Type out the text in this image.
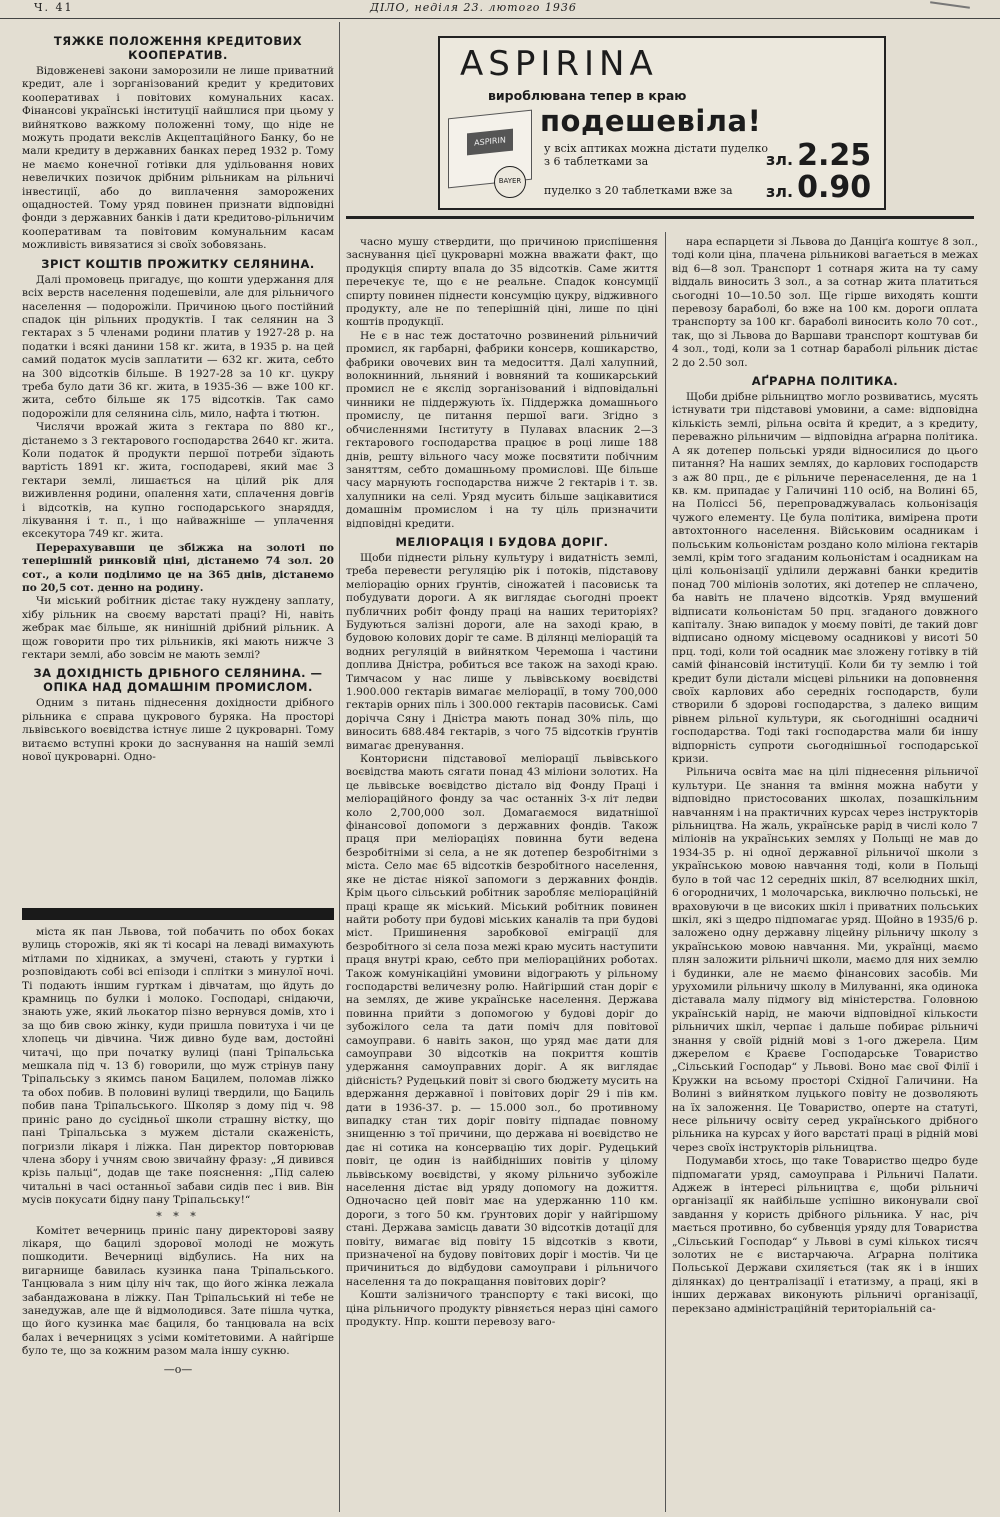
Ч. 41	ДІЛО, неділя 23. лютого 1936
ASPIRINA
вироблювана тепер в краю
подешевіла!
ASPIRIN
BAYER
у всіх аптиках можна дістати пуделко з 6 таблетками за	зл. 2.25
пуделко з 20 таблетками вже за	зл. 0.90
ТЯЖКЕ ПОЛОЖЕННЯ КРЕДИТОВИХ КООПЕРАТИВ.

Відовженеві закони заморозили не лише приватний кредит, але і зорганізований кредит у кредитових кооперативах і повітових комунальних касах. Фінансові українські інституції найшлися при цьому у вийнятково важкому положенні тому, що ніде не можуть продати векслів Акцептаційного Банку, бо не мали кредиту в державних банках перед 1932 р. Тому не маємо конечної готівки для удільовання нових невеличких позичок дрібним рільникам на рільничі інвестиції, або до виплачення заморожених ощадностей. Тому уряд повинен признати відповідні фонди з державних банків і дати кредитово-рільничим кооперативам та повітовим комунальним касам можливість вивязатися зі своїх зобовязань.

ЗРІСТ КОШТІВ ПРОЖИТКУ СЕЛЯНИНА.

Далі промовець пригадує, що кошти удержання для всіх верств населення подешевіли, але для рільничого населення — подорожіли. Причиною цього постійний спадок цін рільних продуктів. І так селянин на 3 гектарах з 5 членами родини платив у 1927-28 р. на податки і всякі данини 158 кг. жита, в 1935 р. на цей самий податок мусів заплатити — 632 кг. жита, себто на 300 відсотків більше. В 1927-28 за 10 кг. цукру треба було дати 36 кг. жита, в 1935-36 — вже 100 кг. жита, себто більше як 175 відсотків. Так само подорожіли для селянина сіль, мило, нафта і тютюн.

Числячи врожай жита з гектара по 880 кг., дістанемо з 3 гектарового господарства 2640 кг. жита. Коли податок й продукти першої потреби зїдають вартість 1891 кг. жита, господареві, який має 3 гектари землі, лишається на цілий рік для виживлення родини, опалення хати, сплачення довгів і відсотків, на купно господарського знаряддя, лікування і т. п., і що найважніше — уплачення ексекутора 749 кг. жита.

Перерахувавши це збіжжа на золоті по теперішній ринковій ціні, дістанемо 74 зол. 20 сот., а коли поділимо це на 365 днів, дістанемо по 20,5 сот. денно на родину.

Чи міський робітник дістає таку нуждену заплату, хібу рільник на своєму варстаті праці? Ні, навіть жебрак має більше, як нинішній дрібний рільник. А щож говорити про тих рільників, які мають нижче 3 гектари землі, або зовсім не мають землі?

ЗА ДОХІДНІСТЬ ДРІБНОГО СЕЛЯНИНА. — ОПІКА НАД ДОМАШНІМ ПРОМИСЛОМ.

Одним з питань піднесення дохідности дрібного рільника є справа цукрового буряка. На просторі львівського воєвідства істнує лише 2 цукроварні. Тому витаємо вступні кроки до заснування на нашій землі нової цукроварні. Одно-

міста як пан Львова, той побачить по обох боках вулиць сторожів, які як ті косарі на леваді вимахують мітлами по хідниках, а змучені, стають у гуртки і розповідають собі всі епізоди і сплітки з минулої ночі. Ті подають іншим гурткам і дівчатам, що йдуть до крамниць по булки і молоко. Господарі, снідаючи, знають уже, який льокатор пізно вернувся домів, хто і за що бив свою жінку, куди пришла повитуха і чи це хлопець чи дівчина. Чиж дивно буде вам, достойні читачі, що при початку вулиці (пані Тріпальська мешкала під ч. 13 б) говорили, що муж стрінув пану Тріпальську з якимсь паном Бацилем, поломав ліжко та обох побив. В половині вулиці твердили, що Бациль побив пана Тріпальського. Школяр з дому під ч. 98 приніс рано до сусідньої школи страшну вістку, що пані Тріпальська з мужем дістали скаженість, погризли лікаря і ліжка. Пан директор повторював члена збору і учням свою звичайну фразу: „Я дивився крізь пальці“, додав ще таке пояснення: „Під салею читальні в часі останньої забави сидів пес і вив. Він мусів покусати бідну пану Тріпальську!“

* * *

Комітет вечерниць приніс пану директорові заяву лікаря, що бацилі здорової молоді не можуть пошкодити. Вечерниці відбулись. На них на вигарнище бавилась кузинка пана Тріпальського. Танцювала з ним цілу ніч так, що його жінка лежала забандажована в ліжку. Пан Тріпальський ні тебе не занедужав, але ще й відмолодився. Зате пішла чутка, що його кузинка має бациля, бо танцювала на всіх балах і вечерницях з усіми комітетовими. А найгірше було те, що за кожним разом мала іншу сукню.

—o—

часно мушу ствердити, що причиною приспішення заснування цієї цукроварні можна вважати факт, що продукція спирту впала до 35 відсотків. Саме життя перечекує те, що є не реальне. Спадок консумції спирту повинен піднести консумцію цукру, відживного продукту, але не по теперішній ціні, лише по ціні коштів продукції.

Не є в нас теж достаточно розвинений рільничий промисл, як гарбарні, фабрики консерв, кошикарство, фабрики овочевих вин та медосиття. Далі халупний, волокнинний, льняний і вовняний та кошикарський промисл не є якслід зорганізований і відповідальні чинники не піддержують їх. Піддержка домашнього промислу, це питання першої ваги. Згідно з обчисленнями Інституту в Пулавах власник 2—3 гектарового господарства працює в році лише 188 днів, решту вільного часу може посвятити побічним заняттям, себто домашньому промислові. Ще більше часу марнують господарства нижче 2 гектарів і т. зв. халупники на селі. Уряд мусить більше зацікавитися домашнім промислом і на ту ціль призначити відповідні кредити.

МЕЛІОРАЦІЯ І БУДОВА ДОРІГ.

Щоби піднести рільну культуру і видатність землі, треба перевести регуляцію рік і потоків, підставову меліорацію орних ґрунтів, сіножатей і пасовиськ та побудувати дороги. А як виглядає сьогодні проект публичних робіт фонду праці на наших територіях? Будуються залізні дороги, але на заході краю, в будовою колових доріг те саме. В ділянці меліорацій та водних регуляцій в вийнятком Черемоша і частини доплива Дністра, робиться все також на заході краю. Тимчасом у нас лише у львівському воєвідстві 1.900.000 гектарів вимагає меліорації, в тому 700,000 гектарів орних піль і 300.000 гектарів пасовиськ. Самі дорічча Сяну і Дністра мають понад 30% піль, що виносить 688.484 гектарів, з чого 75 відсотків ґрунтів вимагає дренування.

Конторисни підставової меліорації львівського воєвідства мають сягати понад 43 міліони золотих. На це львівське воєвідство дістало від Фонду Праці і меліораційного фонду за час останніх 3-х літ ледви коло 2,700,000 зол. Домагаємося видатнішої фінансової допомоги з державних фондів. Також праця при меліораціях повинна бути ведена безробітніми зі села, а не як дотепер безробітніми з міста. Село має 65 відсотків безробітного населення, яке не дістає ніякої запомоги з державних фондів. Крім цього сільський робітник заробляє меліораційній праці краще як міський. Міський робітник повинен найти роботу при будові міських каналів та при будові міст. Пришинення заробкової еміграції для безробітного зі села поза межі краю мусить наступити праця внутрі краю, себто при меліораційних роботах. Також комунікаційні умовини відограють у рільному господарстві величезну ролю. Найгірший стан доріг є на землях, де живе українське населення. Держава повинна прийти з допомогою у будові доріг до зубожілого села та дати поміч для повітової самоуправи. 6 навіть закон, що уряд має дати для самоуправи 30 відсотків на покриття коштів удержання самоуправних доріг. А як виглядає дійсність? Рудецький повіт зі свого бюджету мусить на вдержання державної і повітових доріг 29 і пів км. дати в 1936-37. р. — 15.000 зол., бо противному випадку стан тих доріг повіту підпадає повному знищенню з тої причини, що держава ні воєвідство не дає ні сотика на консервацію тих доріг. Рудецький повіт, це один із найбідніших повітів у цілому львівському воєвідстві, у якому рільничо зубожіле населення дістає від уряду допомогу на дожиття. Одночасно цей повіт має на удержанню 110 км. дороги, з того 50 км. ґрунтових доріг у найгіршому стані. Держава замісць давати 30 відсотків дотації для повіту, вимагає від повіту 15 відсотків з квоти, призначеної на будову повітових доріг і мостів. Чи це причиниться до відбудови самоуправи і рільничого населення та до покращання повітових доріг?

Кошти залізничого транспорту є такі високі, що ціна рільничого продукту рівняється нераз ціні самого продукту. Нпр. кошти перевозу ваго-

нара еспарцети зі Львова до Данціґа коштує 8 зол., тоді коли ціна, плачена рільникові вагаеться в межах від 6—8 зол. Транспорт 1 сотнаря жита на ту саму віддаль виносить 3 зол., а за сотнар жита платиться сьогодні 10—10.50 зол. Ще гірше виходять кошти перевозу бараболі, бо вже на 100 км. дороги оплата транспорту за 100 кг. бараболі виносить коло 70 сот., так, що зі Львова до Варшави транспорт коштував би 4 зол., тоді, коли за 1 сотнар бараболі рільник дістає 2 до 2.50 зол.

АҐРАРНА ПОЛІТИКА.

Щоби дрібне рільництво могло розвиватись, мусять істнувати три підставові умовини, а саме: відповідна кількість землі, рільна освіта й кредит, а з кредиту, переважно рільничим — відповідна аґрарна політика. А як дотепер польські уряди відносилися до цього питання? На наших землях, до карлових господарств з аж 80 прц., де є рільниче перенаселення, де на 1 кв. км. припадає у Галичині 110 осіб, на Волині 65, на Поліссі 56, перепроваджувалась кольонізація чужого елементу. Це була політика, вимірена проти автохтонного населення. Військовим осадникам і польським кольоністам роздано коло міліона гектарів землі, крім того згаданим кольоністам і осадникам на цілі кольонізації уділили державні банки кредитів понад 700 міліонів золотих, які дотепер не сплачено, ба навіть не плачено відсотків. Уряд вмушений відписати кольоністам 50 прц. згаданого довжного капіталу. Знаю випадок у моєму повіті, де такий довг відписано одному місцевому осадникові у висоті 50 прц. тоді, коли той осадник має зложену готівку в тій самій фінансовій інституції. Коли би ту землю і той кредит були дістали місцеві рільники на доповнення своїх карлових або середніх господарств, були створили б здорові господарства, з далеко вищим рівнем рільної культури, як сьогоднішні осадничі господарства. Тоді такі господарства мали би іншу відпорність супроти сьогоднішньої господарської кризи.

Рільнича освіта має на цілі піднесення рільничої культури. Це знання та вміння можна набути у відповідно пристосованих школах, позашкільним навчанням і на практичних курсах через інструкторів рільництва. На жаль, українське рарід в числі коло 7 міліонів на українських землях у Польщі не мав до 1934-35 р. ні одної державної рільничої школи з українською мовою навчання тоді, коли в Польщі було в той час 12 середніх шкіл, 87 вселюдних шкіл, 6 огородничих, 1 молочарська, виключно польські, не враховуючи в це високих шкіл і приватних польських шкіл, які з щедро підпомагає уряд. Щойно в 1935/6 р. заложено одну державну ліцейну рільничу школу з українською мовою навчання. Ми, українці, маємо плян заложити рільничі школи, маємо для них землю і будинки, але не маємо фінансових засобів. Ми урухомили рільничу школу в Милуванні, яка одинока діставала малу підмогу від міністерства. Головною українській нарід, не маючи відповідної кількости рільничих шкіл, черпає і дальше побирає рільничі знання у своїй рідній мові з 1-ого джерела. Цим джерелом є Краєве Господарське Товариство „Сільський Господар“ у Львові. Воно має свої Філії і Кружки на всьому просторі Східної Галичини. На Волині з вийнятком луцького повіту не дозволяють на їх заложення. Це Товариство, оперте на статуті, несе рільничу освіту серед українського дрібного рільника на курсах у його варстаті праці в рідній мові через своїх інструкторів рільництва.

Подумавби хтось, що таке Товариство щедро буде підпомагати уряд, самоуправа і Рільничі Палати. Аджеж в інтересі рільництва є, щоби рільничі організації як найбільше успішно виконували свої завдання у користь дрібного рільника. У нас, річ мається противно, бо субвенція уряду для Товариства „Сільський Господар“ у Львові в сумі кількох тисяч золотих не є вистарчаюча. Аґрарна політика Польської Держави схиляється (так як і в інших ділянках) до централізації і етатизму, а праці, які в інших державах виконують рільничі організації, перекзано адміністраційній територіальній са-
